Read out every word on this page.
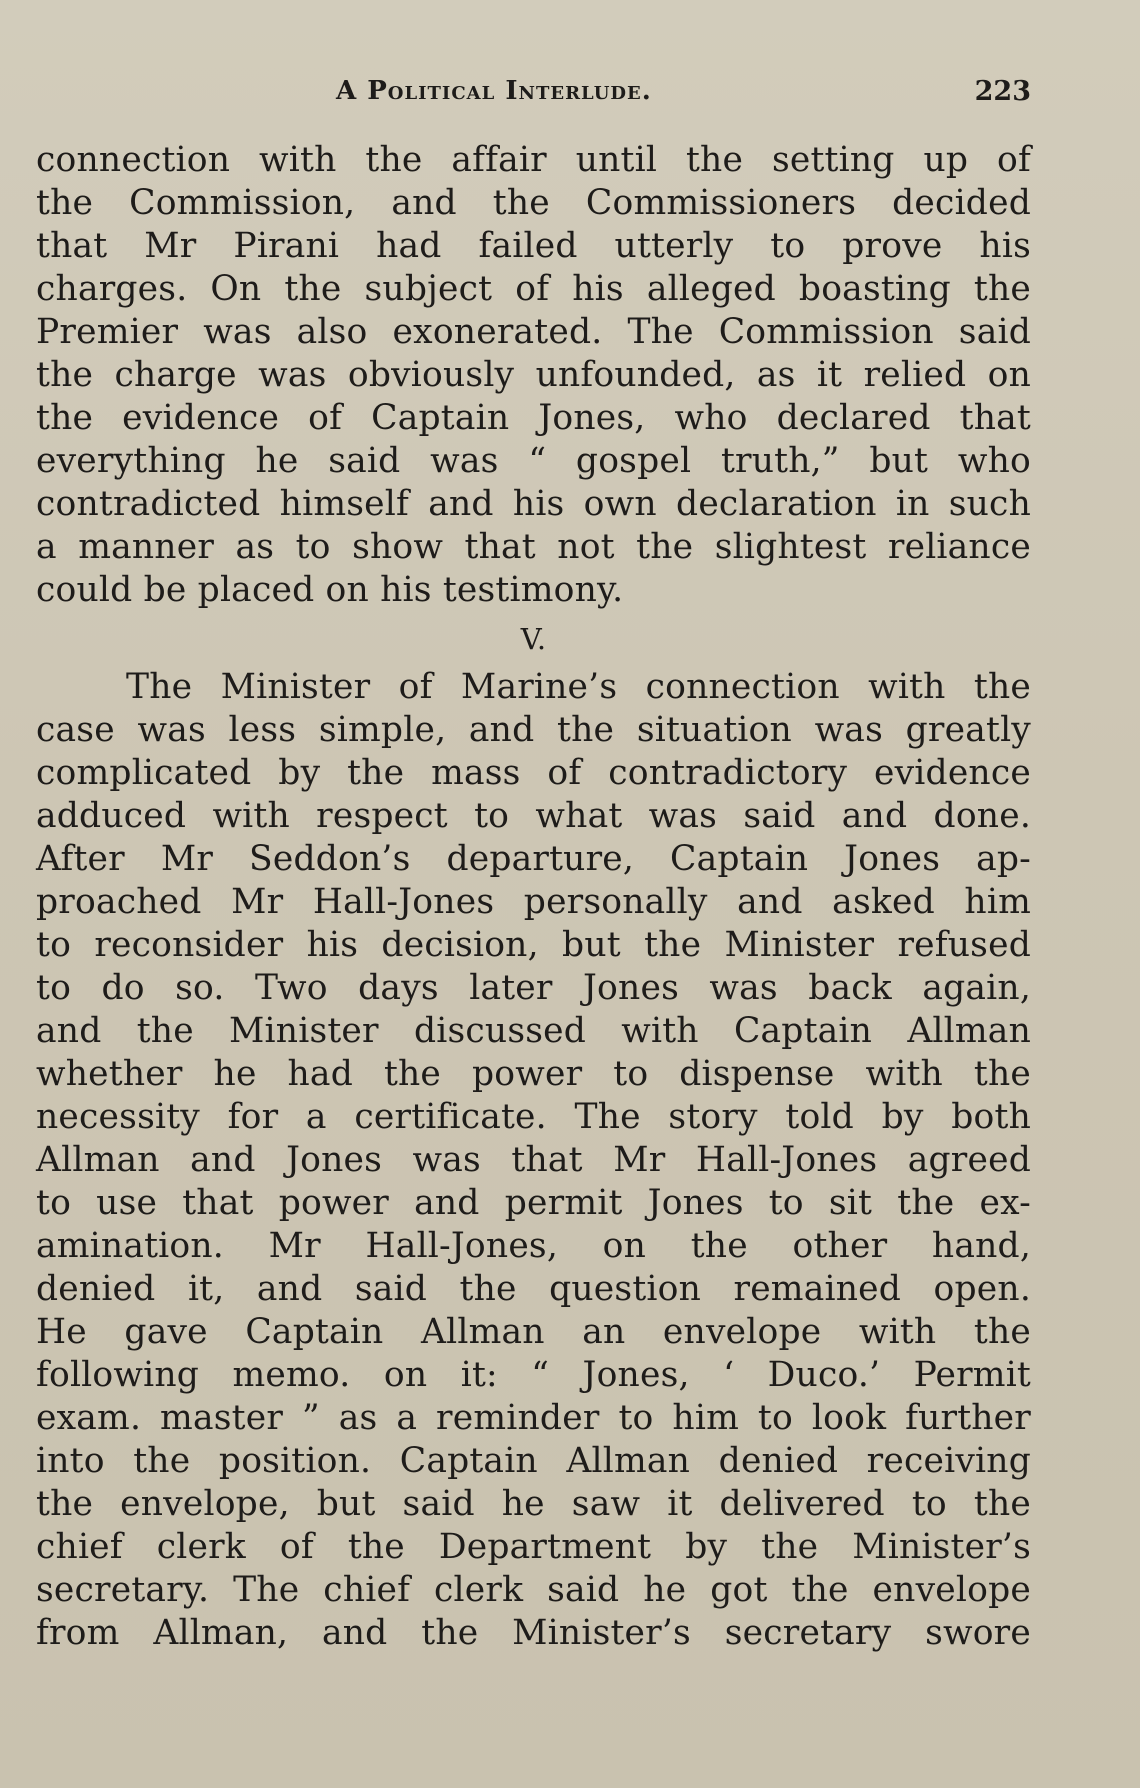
A Political Interlude.	223
connection with the affair until the setting up of
the Commission, and the Commissioners decided
that Mr Pirani had failed utterly to prove his
charges. On the subject of his alleged boasting the
Premier was also exonerated. The Commission said
the charge was obviously unfounded, as it relied on
the evidence of Captain Jones, who declared that
everything he said was “ gospel truth,” but who
contradicted himself and his own declaration in such
a manner as to show that not the slightest reliance
could be placed on his testimony.
V.
The Minister of Marine’s connection with the
case was less simple, and the situation was greatly
complicated by the mass of contradictory evidence
adduced with respect to what was said and done.
After Mr Seddon’s departure, Captain Jones ap-
proached Mr Hall-Jones personally and asked him
to reconsider his decision, but the Minister refused
to do so. Two days later Jones was back again,
and the Minister discussed with Captain Allman
whether he had the power to dispense with the
necessity for a certificate. The story told by both
Allman and Jones was that Mr Hall-Jones agreed
to use that power and permit Jones to sit the ex-
amination. Mr Hall-Jones, on the other hand,
denied it, and said the question remained open.
He gave Captain Allman an envelope with the
following memo. on it: “ Jones, ‘ Duco.’ Permit
exam. master ” as a reminder to him to look further
into the position. Captain Allman denied receiving
the envelope, but said he saw it delivered to the
chief clerk of the Department by the Minister’s
secretary. The chief clerk said he got the envelope
from Allman, and the Minister’s secretary swore
